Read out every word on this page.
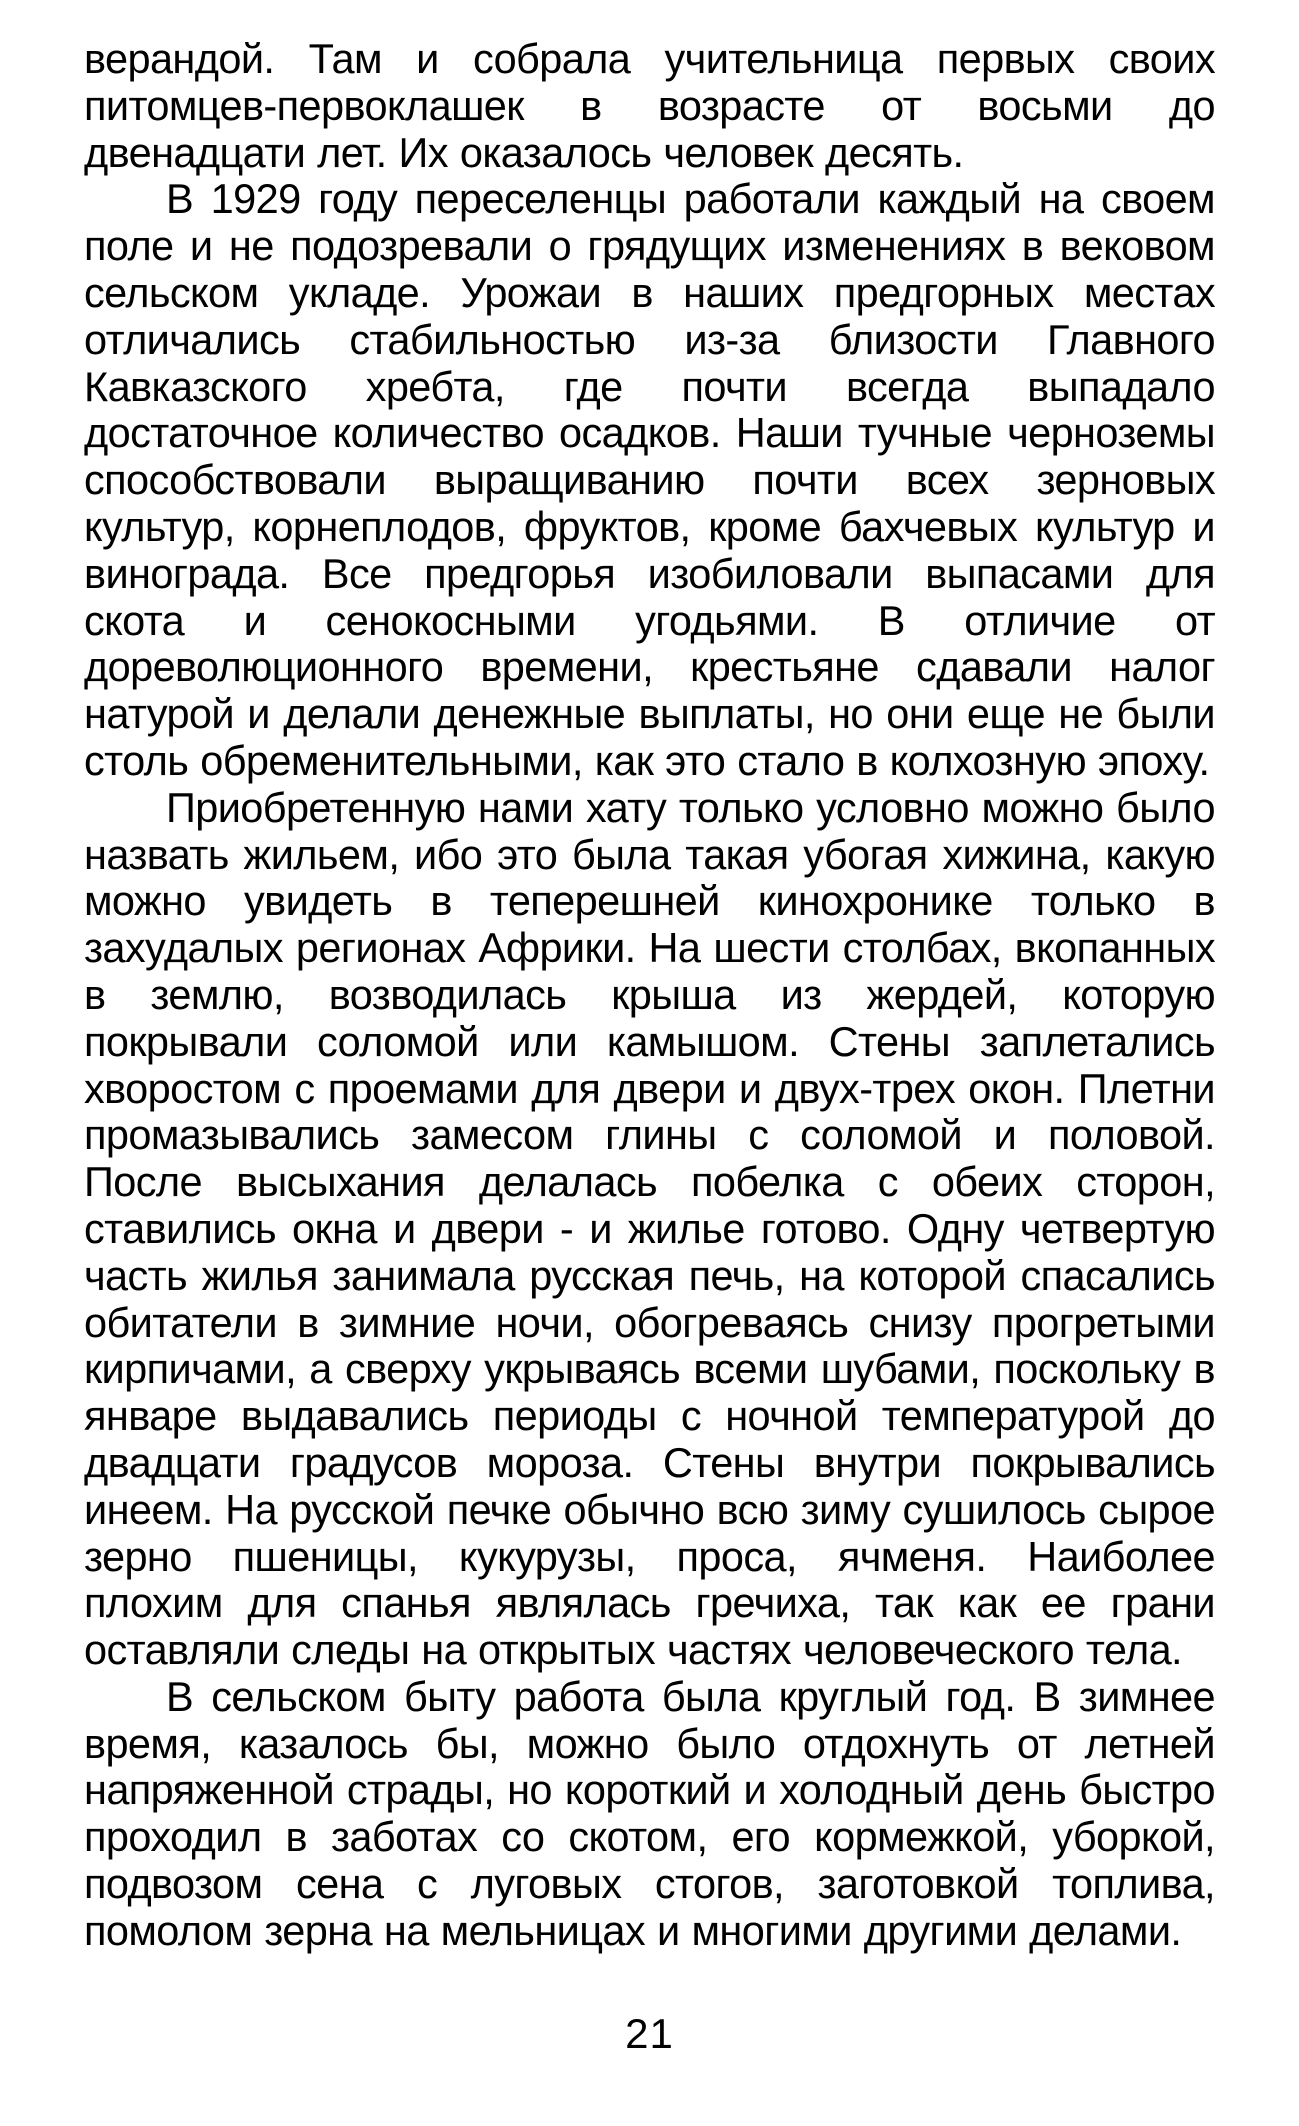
верандой. Там и собрала учительница первых своих питомцев-первоклашек в возрасте от восьми до двенадцати лет. Их оказалось человек десять.

В 1929 году переселенцы работали каждый на своем поле и не подозревали о грядущих изменениях в вековом сельском укладе. Урожаи в наших предгорных местах отличались стабильностью из-за близости Главного Кавказского хребта, где почти всегда выпадало достаточное количество осадков. Наши тучные черноземы способствовали выращиванию почти всех зерновых культур, корнеплодов, фруктов, кроме бахчевых культур и винограда. Все предгорья изобиловали выпасами для скота и сенокосными угодьями. В отличие от дореволюционного времени, крестьяне сдавали налог натурой и делали денежные выплаты, но они еще не были столь обременительными, как это стало в колхозную эпоху.

Приобретенную нами хату только условно можно было назвать жильем, ибо это была такая убогая хижина, какую можно увидеть в теперешней кинохронике только в захудалых регионах Африки. На шести столбах, вкопанных в землю, возводилась крыша из жердей, которую покрывали соломой или камышом. Стены заплетались хворостом с проемами для двери и двух-трех окон. Плетни промазывались замесом глины с соломой и половой. После высыхания делалась побелка с обеих сторон, ставились окна и двери - и жилье готово. Одну четвертую часть жилья занимала русская печь, на которой спасались обитатели в зимние ночи, обогреваясь снизу прогретыми кирпичами, а сверху укрываясь всеми шубами, поскольку в январе выдавались периоды с ночной температурой до двадцати градусов мороза. Стены внутри покрывались инеем. На русской печке обычно всю зиму сушилось сырое зерно пшеницы, кукурузы, проса, ячменя. Наиболее плохим для спанья являлась гречиха, так как ее грани оставляли следы на открытых частях человеческого тела.

В сельском быту работа была круглый год. В зимнее время, казалось бы, можно было отдохнуть от летней напряженной страды, но короткий и холодный день быстро проходил в заботах со скотом, его кормежкой, уборкой, подвозом сена с луговых стогов, заготовкой топлива, помолом зерна на мельницах и многими другими делами.

21
